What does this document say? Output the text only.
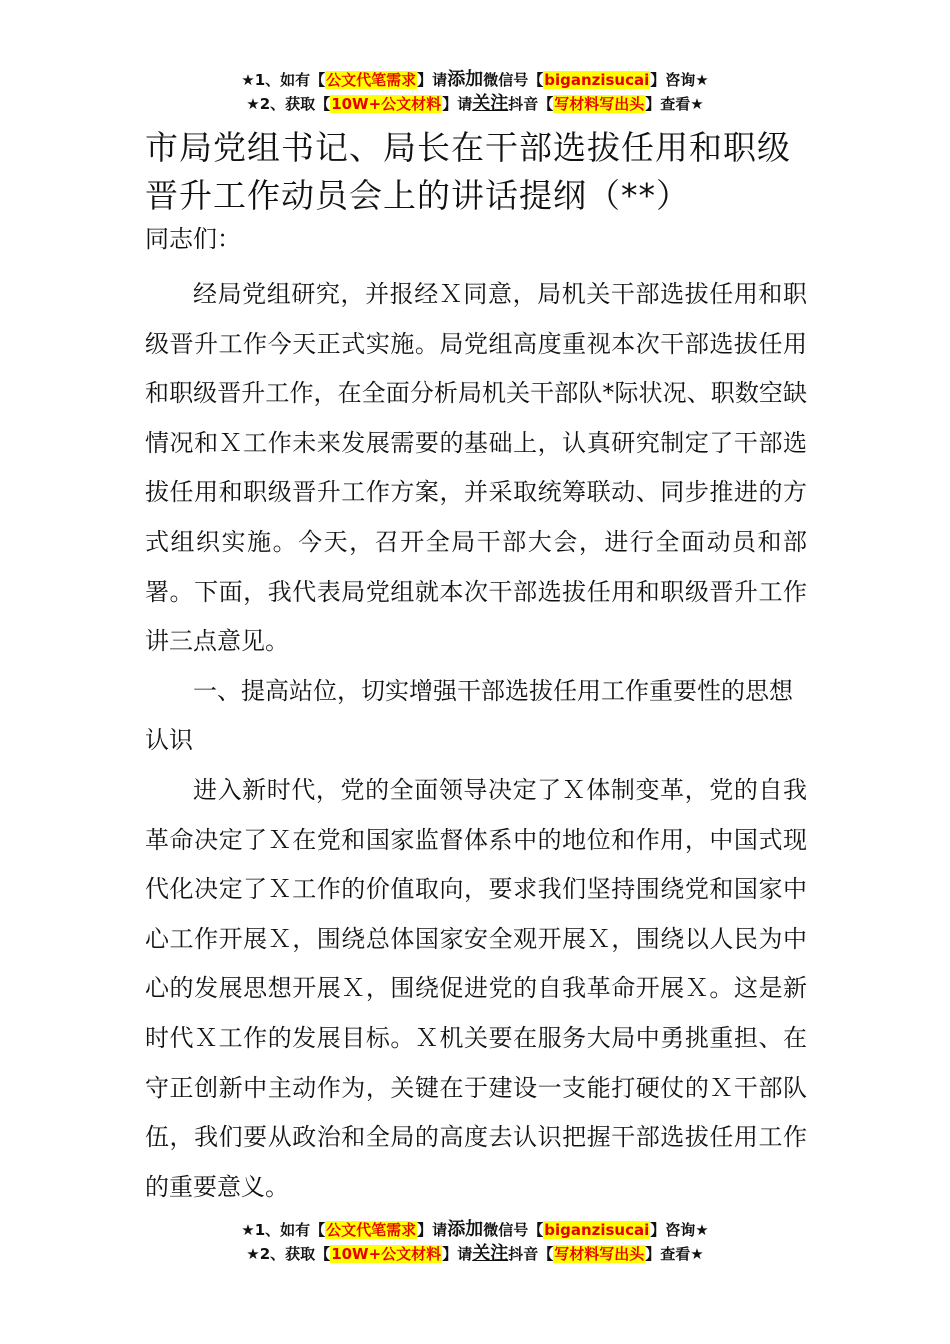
★1、如有【公文代笔需求】请添加微信号【biganzisucai】咨询★
★2、获取【10W+公文材料】请关注抖音【写材料写出头】查看★
市局党组书记、局长在干部选拔任用和职级晋升工作动员会上的讲话提纲（**）

同志们：

经局党组研究，并报经Ｘ同意，局机关干部选拔任用和职级晋升工作今天正式实施。局党组高度重视本次干部选拔任用和职级晋升工作，在全面分析局机关干部队*际状况、职数空缺情况和Ｘ工作未来发展需要的基础上，认真研究制定了干部选拔任用和职级晋升工作方案，并采取统筹联动、同步推进的方式组织实施。今天，召开全局干部大会，进行全面动员和部署。下面，我代表局党组就本次干部选拔任用和职级晋升工作讲三点意见。

一、提高站位，切实增强干部选拔任用工作重要性的思想认识

进入新时代，党的全面领导决定了Ｘ体制变革，党的自我革命决定了Ｘ在党和国家监督体系中的地位和作用，中国式现代化决定了Ｘ工作的价值取向，要求我们坚持围绕党和国家中心工作开展Ｘ，围绕总体国家安全观开展Ｘ，围绕以人民为中心的发展思想开展Ｘ，围绕促进党的自我革命开展Ｘ。这是新时代Ｘ工作的发展目标。Ｘ机关要在服务大局中勇挑重担、在守正创新中主动作为，关键在于建设一支能打硬仗的Ｘ干部队伍，我们要从政治和全局的高度去认识把握干部选拔任用工作的重要意义。

★1、如有【公文代笔需求】请添加微信号【biganzisucai】咨询★
★2、获取【10W+公文材料】请关注抖音【写材料写出头】查看★
